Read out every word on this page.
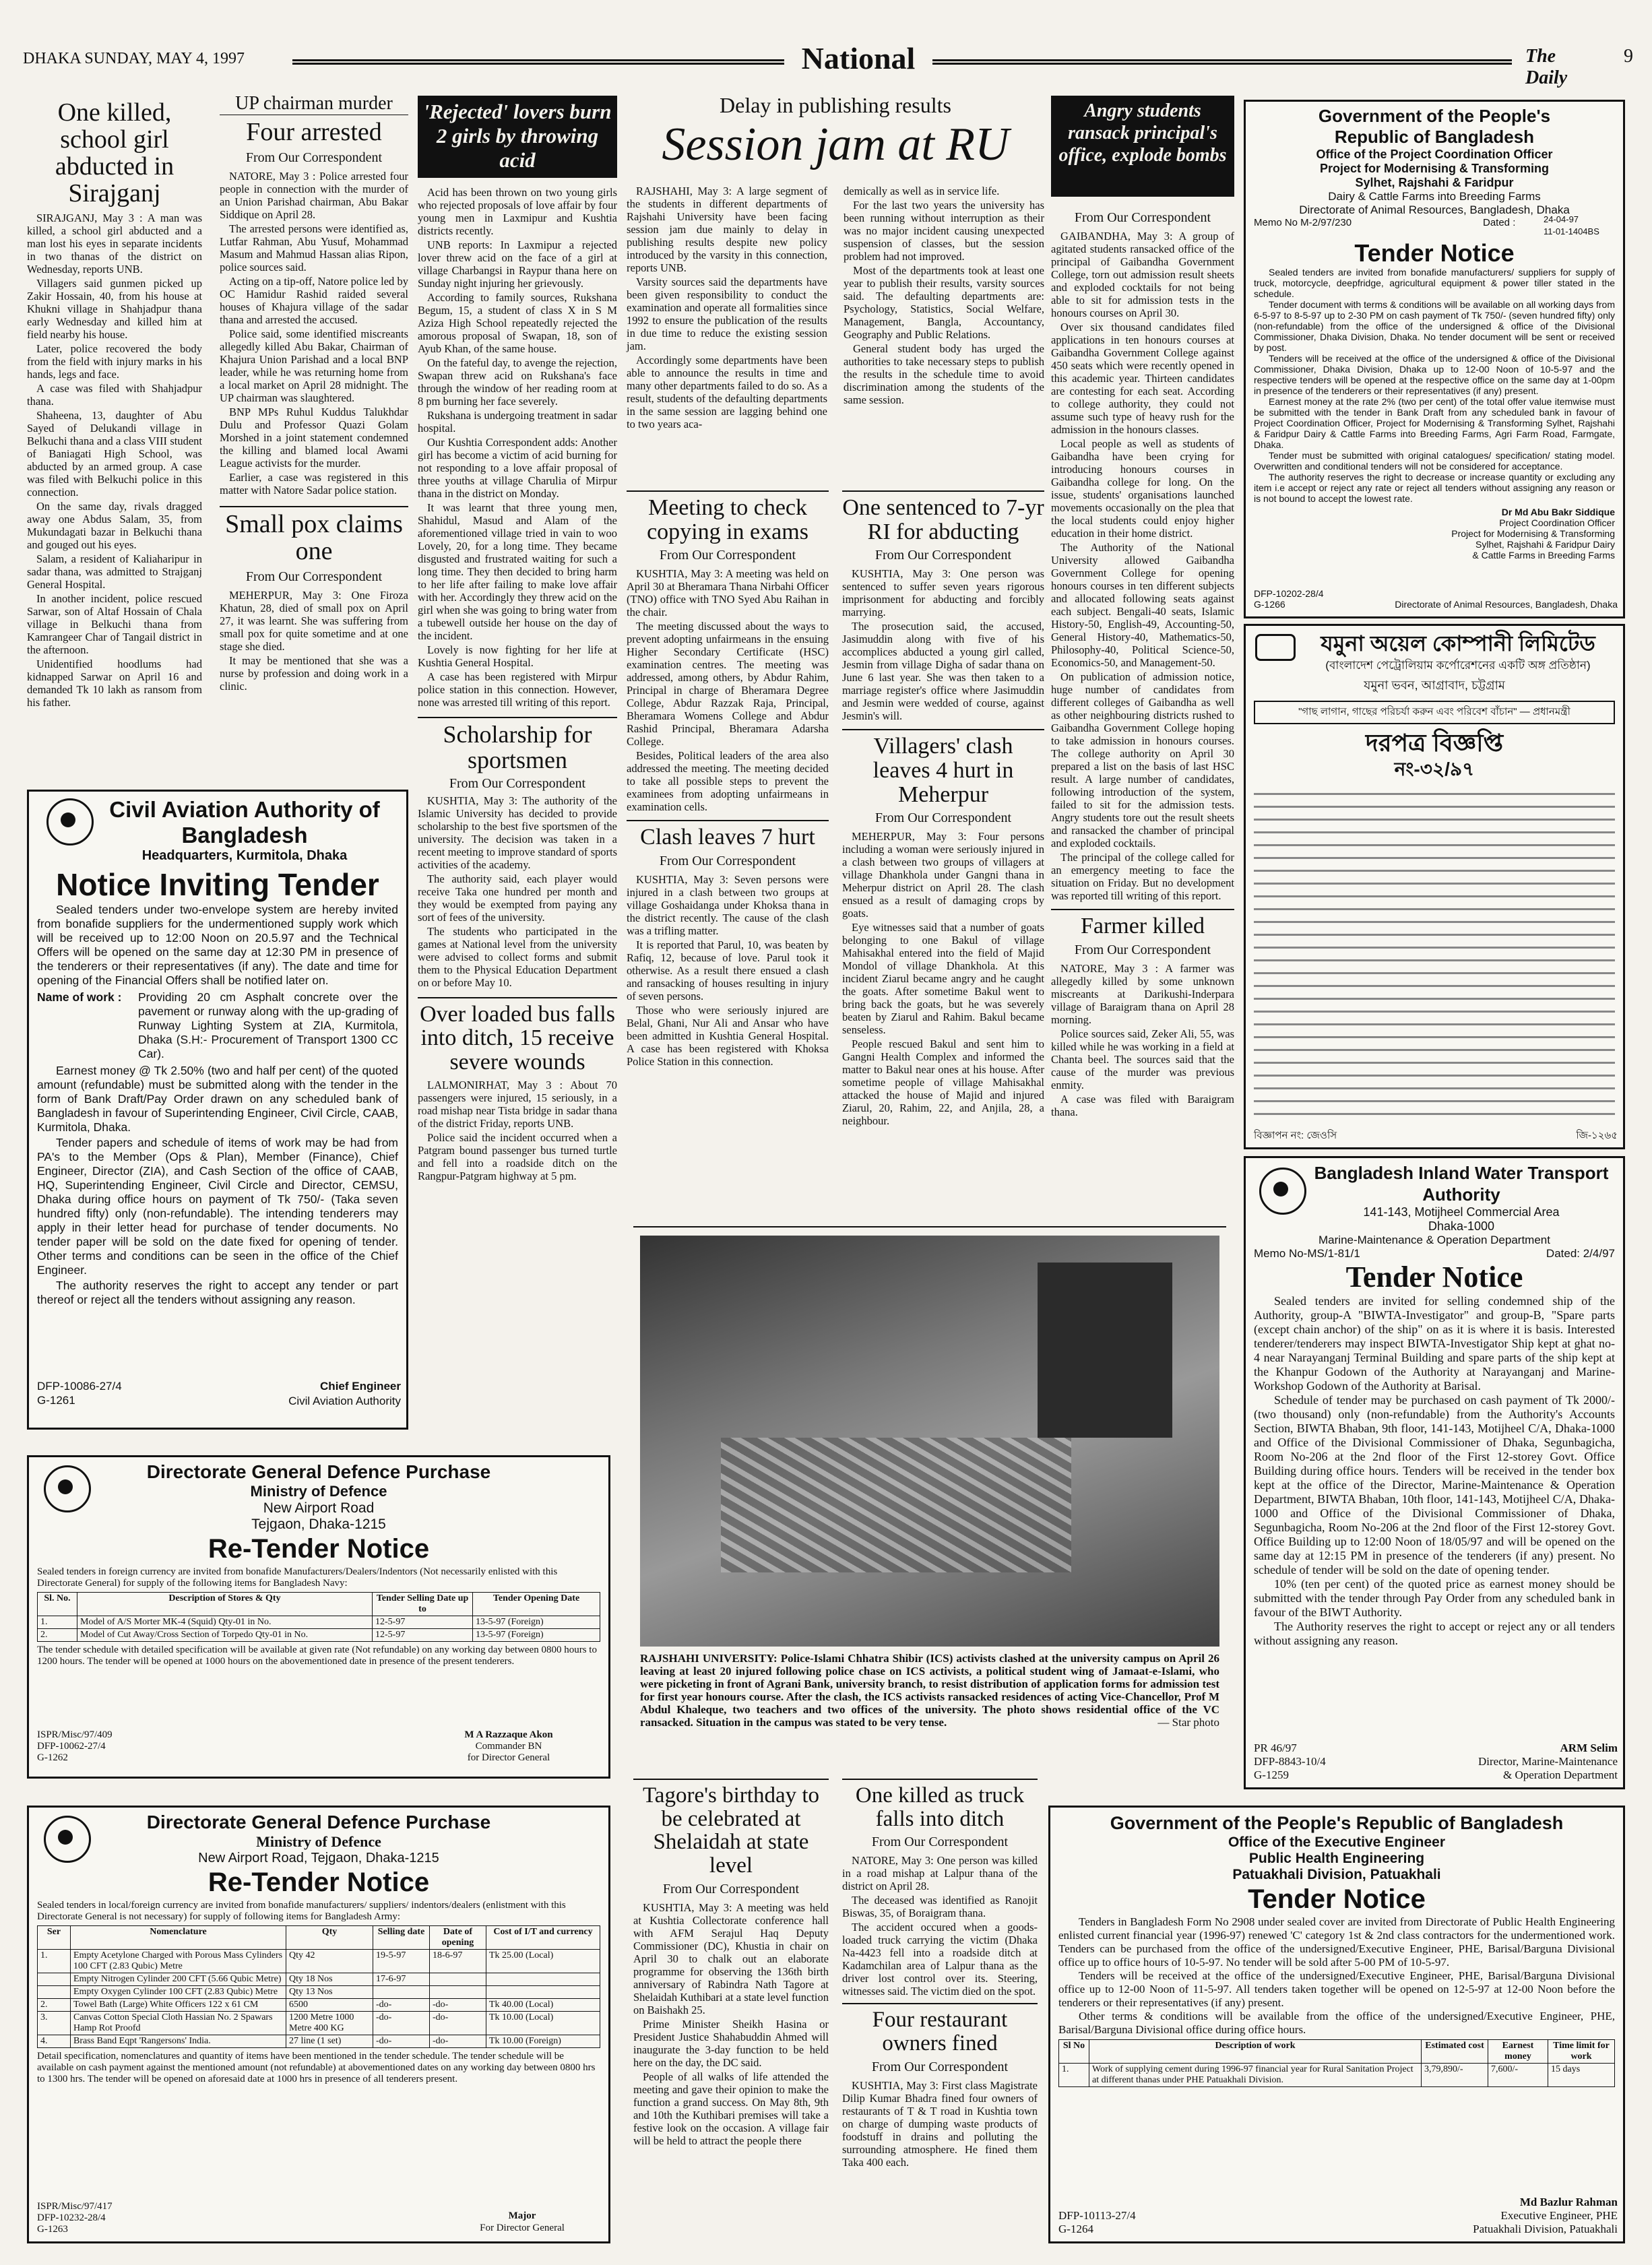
DHAKA SUNDAY, MAY 4, 1997	National	The Daily
9
One killed, school girl abducted in Sirajganj

SIRAJGANJ, May 3 : A man was killed, a school girl abducted and a man lost his eyes in separate incidents in two thanas of the district on Wednesday, reports UNB.

Villagers said gunmen picked up Zakir Hossain, 40, from his house at Khukni village in Shahjadpur thana early Wednesday and killed him at field nearby his house.

Later, police recovered the body from the field with injury marks in his hands, legs and face.

A case was filed with Shahjadpur thana.

Shaheena, 13, daughter of Abu Sayed of Delukandi village in Belkuchi thana and a class VIII student of Baniagati High School, was abducted by an armed group. A case was filed with Belkuchi police in this connection.

On the same day, rivals dragged away one Abdus Salam, 35, from Mukundagati bazar in Belkuchi thana and gouged out his eyes.

Salam, a resident of Kaliaharipur in sadar thana, was admitted to Strajganj General Hospital.

In another incident, police rescued Sarwar, son of Altaf Hossain of Chala village in Belkuchi thana from Kamrangeer Char of Tangail district in the afternoon.

Unidentified hoodlums had kidnapped Sarwar on April 16 and demanded Tk 10 lakh as ransom from his father.

UP chairman murder
Four arrested
From Our Correspondent

NATORE, May 3 : Police arrested four people in connection with the murder of an Union Parishad chairman, Abu Bakar Siddique on April 28.

The arrested persons were identified as, Lutfar Rahman, Abu Yusuf, Mohammad Masum and Mahmud Hassan alias Ripon, police sources said.

Acting on a tip-off, Natore police led by OC Hamidur Rashid raided several houses of Khajura village of the sadar thana and arrested the accused.

Police said, some identified miscreants allegedly killed Abu Bakar, Chairman of Khajura Union Parishad and a local BNP leader, while he was returning home from a local market on April 28 midnight. The UP chairman was slaughtered.

BNP MPs Ruhul Kuddus Talukhdar Dulu and Professor Quazi Golam Morshed in a joint statement condemned the killing and blamed local Awami League activists for the murder.

Earlier, a case was registered in this matter with Natore Sadar police station.

Small pox claims one
From Our Correspondent

MEHERPUR, May 3: One Firoza Khatun, 28, died of small pox on April 27, it was learnt. She was suffering from small pox for quite sometime and at one stage she died.

It may be mentioned that she was a nurse by profession and doing work in a clinic.

'Rejected' lovers burn 2 girls by throwing acid

Acid has been thrown on two young girls who rejected proposals of love affair by four young men in Laxmipur and Kushtia districts recently.

UNB reports: In Laxmipur a rejected lover threw acid on the face of a girl at village Charbangsi in Raypur thana here on Sunday night injuring her grievously.

According to family sources, Rukshana Begum, 15, a student of class X in S M Aziza High School repeatedly rejected the amorous proposal of Swapan, 18, son of Ayub Khan, of the same house.

On the fateful day, to avenge the rejection, Swapan threw acid on Rukshana's face through the window of her reading room at 8 pm burning her face severely.

Rukshana is undergoing treatment in sadar hospital.

Our Kushtia Correspondent adds: Another girl has become a victim of acid burning for not responding to a love affair proposal of three youths at village Charulia of Mirpur thana in the district on Monday.

It was learnt that three young men, Shahidul, Masud and Alam of the aforementioned village tried in vain to woo Lovely, 20, for a long time. They became disgusted and frustrated waiting for such a long time. They then decided to bring harm to her life after failing to make love affair with her. Accordingly they threw acid on the girl when she was going to bring water from a tubewell outside her house on the day of the incident.

Lovely is now fighting for her life at Kushtia General Hospital.

A case has been registered with Mirpur police station in this connection. However, none was arrested till writing of this report.

Scholarship for sportsmen
From Our Correspondent

KUSHTIA, May 3: The authority of the Islamic University has decided to provide scholarship to the best five sportsmen of the university. The decision was taken in a recent meeting to improve standard of sports activities of the academy.

The authority said, each player would receive Taka one hundred per month and they would be exempted from paying any sort of fees of the university.

The students who participated in the games at National level from the university were advised to collect forms and submit them to the Physical Education Department on or before May 10.

Over loaded bus falls into ditch, 15 receive severe wounds

LALMONIRHAT, May 3 : About 70 passengers were injured, 15 seriously, in a road mishap near Tista bridge in sadar thana of the district Friday, reports UNB.

Police said the incident occurred when a Patgram bound passenger bus turned turtle and fell into a roadside ditch on the Rangpur-Patgram highway at 5 pm.

Delay in publishing results
Session jam at RU

RAJSHAHI, May 3: A large segment of the students in different departments of Rajshahi University have been facing session jam due mainly to delay in publishing results despite new policy introduced by the varsity in this connection, reports UNB.

Varsity sources said the departments have been given responsibility to conduct the examination and operate all formalities since 1992 to ensure the publication of the results in due time to reduce the existing session jam.

Accordingly some departments have been able to announce the results in time and many other departments failed to do so. As a result, students of the defaulting departments in the same session are lagging behind one to two years aca-

demically as well as in service life.

For the last two years the university has been running without interruption as their was no major incident causing unexpected suspension of classes, but the session problem had not improved.

Most of the departments took at least one year to publish their results, varsity sources said. The defaulting departments are: Psychology, Statistics, Social Welfare, Management, Bangla, Accountancy, Geography and Public Relations.

General student body has urged the authorities to take necessary steps to publish the results in the schedule time to avoid discrimination among the students of the same session.

Meeting to check copying in exams
From Our Correspondent

KUSHTIA, May 3: A meeting was held on April 30 at Bheramara Thana Nirbahi Officer (TNO) office with TNO Syed Abu Raihan in the chair.

The meeting discussed about the ways to prevent adopting unfairmeans in the ensuing Higher Secondary Certificate (HSC) examination centres. The meeting was addressed, among others, by Abdur Rahim, Principal in charge of Bheramara Degree College, Abdur Razzak Raja, Principal, Bheramara Womens College and Abdur Rashid Principal, Bheramara Adarsha College.

Besides, Political leaders of the area also addressed the meeting. The meeting decided to take all possible steps to prevent the examinees from adopting unfairmeans in examination cells.

Clash leaves 7 hurt
From Our Correspondent

KUSHTIA, May 3: Seven persons were injured in a clash between two groups at village Goshaidanga under Khoksa thana in the district recently. The cause of the clash was a trifling matter.

It is reported that Parul, 10, was beaten by Rafiq, 12, because of love. Parul took it otherwise. As a result there ensued a clash and ransacking of houses resulting in injury of seven persons.

Those who were seriously injured are Belal, Ghani, Nur Ali and Ansar who have been admitted in Kushtia General Hospital. A case has been registered with Khoksa Police Station in this connection.

One sentenced to 7-yr RI for abducting
From Our Correspondent

KUSHTIA, May 3: One person was sentenced to suffer seven years rigorous imprisonment for abducting and forcibly marrying.

The prosecution said, the accused, Jasimuddin along with five of his accomplices abducted a young girl called, Jesmin from village Digha of sadar thana on June 6 last year. She was then taken to a marriage register's office where Jasimuddin and Jesmin were wedded of course, against Jesmin's will.

Villagers' clash leaves 4 hurt in Meherpur
From Our Correspondent

MEHERPUR, May 3: Four persons including a woman were seriously injured in a clash between two groups of villagers at village Dhankhola under Gangni thana in Meherpur district on April 28. The clash ensued as a result of damaging crops by goats.

Eye witnesses said that a number of goats belonging to one Bakul of village Mahisakhal entered into the field of Majid Mondol of village Dhankhola. At this incident Ziarul became angry and he caught the goats. After sometime Bakul went to bring back the goats, but he was severely beaten by Ziarul and Rahim. Bakul became senseless.

People rescued Bakul and sent him to Gangni Health Complex and informed the matter to Bakul near ones at his house. After sometime people of village Mahisakhal attacked the house of Majid and injured Ziarul, 20, Rahim, 22, and Anjila, 28, a neighbour.

Angry students ransack principal's office, explode bombs
From Our Correspondent

GAIBANDHA, May 3: A group of agitated students ransacked office of the principal of Gaibandha Government College, torn out admission result sheets and exploded cocktails for not being able to sit for admission tests in the honours courses on April 30.

Over six thousand candidates filed applications in ten honours courses at Gaibandha Government College against 450 seats which were recently opened in this academic year. Thirteen candidates are contesting for each seat. According to college authority, they could not assume such type of heavy rush for the admission in the honours classes.

Local people as well as students of Gaibandha have been crying for introducing honours courses in Gaibandha college for long. On the issue, students' organisations launched movements occasionally on the plea that the local students could enjoy higher education in their home district.

The Authority of the National University allowed Gaibandha Government College for opening honours courses in ten different subjects and allocated following seats against each subject. Bengali-40 seats, Islamic History-50, English-49, Accounting-50, General History-40, Mathematics-50, Philosophy-40, Political Science-50, Economics-50, and Management-50.

On publication of admission notice, huge number of candidates from different colleges of Gaibandha as well as other neighbouring districts rushed to Gaibandha Government College hoping to take admission in honours courses. The college authority on April 30 prepared a list on the basis of last HSC result. A large number of candidates, following introduction of the system, failed to sit for the admission tests. Angry students tore out the result sheets and ransacked the chamber of principal and exploded cocktails.

The principal of the college called for an emergency meeting to face the situation on Friday. But no development was reported till writing of this report.

Farmer killed
From Our Correspondent

NATORE, May 3 : A farmer was allegedly killed by some unknown miscreants at Darikushi-Inderpara village of Baraigram thana on April 28 morning.

Police sources said, Zeker Ali, 55, was killed while he was working in a field at Chanta beel. The sources said that the cause of the murder was previous enmity.

A case was filed with Baraigram thana.

RAJSHAHI UNIVERSITY: Police-Islami Chhatra Shibir (ICS) activists clashed at the university campus on April 26 leaving at least 20 injured following police chase on ICS activists, a political student wing of Jamaat-e-Islami, who were picketing in front of Agrani Bank, university branch, to resist distribution of application forms for admission test for first year honours course. After the clash, the ICS activists ransacked residences of acting Vice-Chancellor, Prof M Abdul Khaleque, two teachers and two offices of the university. The photo shows residential office of the VC ransacked. Situation in the campus was stated to be very tense.	— Star photo
Tagore's birthday to be celebrated at Shelaidah at state level
From Our Correspondent

KUSHTIA, May 3: A meeting was held at Kushtia Collectorate conference hall with AFM Serajul Haq Deputy Commissioner (DC), Khustia in chair on April 30 to chalk out an elaborate programme for observing the 136th birth anniversary of Rabindra Nath Tagore at Shelaidah Kuthibari at a state level function on Baishakh 25.

Prime Minister Sheikh Hasina or President Justice Shahabuddin Ahmed will inaugurate the 3-day function to be held here on the day, the DC said.

People of all walks of life attended the meeting and gave their opinion to make the function a grand success. On May 8th, 9th and 10th the Kuthibari premises will take a festive look on the occasion. A village fair will be held to attract the people there

One killed as truck falls into ditch
From Our Correspondent

NATORE, May 3: One person was killed in a road mishap at Lalpur thana of the district on April 28.

The deceased was identified as Ranojit Biswas, 35, of Boraigram thana.

The accident occured when a goods-loaded truck carrying the victim (Dhaka Na-4423 fell into a roadside ditch at Kadamchilan area of Lalpur thana as the driver lost control over its. Steering, witnesses said. The victim died on the spot.

Four restaurant owners fined
From Our Correspondent

KUSHTIA, May 3: First class Magistrate Dilip Kumar Bhadra fined four owners of restaurants of T & T road in Kushtia town on charge of dumping waste products of foodstuff in drains and polluting the surrounding atmosphere. He fined them Taka 400 each.

Civil Aviation Authority of Bangladesh
Headquarters, Kurmitola, Dhaka
Notice Inviting Tender

Sealed tenders under two-envelope system are hereby invited from bonafide suppliers for the undermentioned supply work which will be received up to 12:00 Noon on 20.5.97 and the Technical Offers will be opened on the same day at 12:30 PM in presence of the tenderers or their representatives (if any). The date and time for opening of the Financial Offers shall be notified later on.

Name of work :	Providing 20 cm Asphalt concrete over the pavement or runway along with the up-grading of Runway Lighting System at ZIA, Kurmitola, Dhaka (S.H:- Procurement of Transport 1300 CC Car).

Earnest money @ Tk 2.50% (two and half per cent) of the quoted amount (refundable) must be submitted along with the tender in the form of Bank Draft/Pay Order drawn on any scheduled bank of Bangladesh in favour of Superintending Engineer, Civil Circle, CAAB, Kurmitola, Dhaka.

Tender papers and schedule of items of work may be had from PA's to the Member (Ops & Plan), Member (Finance), Chief Engineer, Director (ZIA), and Cash Section of the office of CAAB, HQ, Superintending Engineer, Civil Circle and Director, CEMSU, Dhaka during office hours on payment of Tk 750/- (Taka seven hundred fifty) only (non-refundable). The intending tenderers may apply in their letter head for purchase of tender documents. No tender paper will be sold on the date fixed for opening of tender. Other terms and conditions can be seen in the office of the Chief Engineer.

The authority reserves the right to accept any tender or part thereof or reject all the tenders without assigning any reason.

DFP-10086-27/4
G-1261
Chief Engineer
Civil Aviation Authority
Directorate General Defence Purchase
Ministry of Defence
New Airport Road
Tejgaon, Dhaka-1215
Re-Tender Notice
Sealed tenders in foreign currency are invited from bonafide Manufacturers/Dealers/Indentors (Not necessarily enlisted with this Directorate General) for supply of the following items for Bangladesh Navy:
Sl. No.	Description of Stores & Qty	Tender Selling Date up to	Tender Opening Date
1.	Model of A/S Morter MK-4 (Squid) Qty-01 in No.	12-5-97	13-5-97 (Foreign)
2.	Model of Cut Away/Cross Section of Torpedo Qty-01 in No.	12-5-97	13-5-97 (Foreign)
The tender schedule with detailed specification will be available at given rate (Not refundable) on any working day between 0800 hours to 1200 hours. The tender will be opened at 1000 hours on the abovementioned date in presence of the present tenderers.
ISPR/Misc/97/409
DFP-10062-27/4
G-1262
M A Razzaque Akon
Commander BN
for Director General
Directorate General Defence Purchase
Ministry of Defence
New Airport Road, Tejgaon, Dhaka-1215
Re-Tender Notice
Sealed tenders in local/foreign currency are invited from bonafide manufacturers/ suppliers/ indentors/dealers (enlistment with this Directorate General is not necessary) for supply of following items for Bangladesh Army:
Ser	Nomenclature	Qty	Selling date	Date of opening	Cost of I/T and currency
1.	Empty Acetylone Charged with Porous Mass Cylinders 100 CFT (2.83 Qubic) Metre	Qty 42	19-5-97	18-6-97	Tk 25.00 (Local)
	Empty Nitrogen Cylinder 200 CFT (5.66 Qubic Metre)	Qty 18 Nos	17-6-97		
	Empty Oxygen Cylinder 100 CFT (2.83 Qubic) Metre	Qty 13 Nos			
2.	Towel Bath (Large) White Officers 122 x 61 CM	6500	-do-	-do-	Tk 40.00 (Local)
3.	Canvas Cotton Special Cloth Hassian No. 2 Spawars Hamp Rot Proofd	1200 Metre 1000 Metre 400 KG	-do-	-do-	Tk 10.00 (Local)
4.	Brass Band Eqpt 'Rangersons' India.	27 line (1 set)	-do-	-do-	Tk 10.00 (Foreign)
Detail specification, nomenclatures and quantity of items have been mentioned in the tender schedule. The tender schedule will be available on cash payment against the mentioned amount (not refundable) at abovementioned dates on any working day between 0800 hrs to 1300 hrs. The tender will be opened on aforesaid date at 1000 hrs in presence of all tenderers present.
ISPR/Misc/97/417
DFP-10232-28/4
G-1263
Major
For Director General
Government of the People's
Republic of Bangladesh
Office of the Project Coordination Officer
Project for Modernising & Transforming
Sylhet, Rajshahi & Faridpur
Dairy & Cattle Farms into Breeding Farms
Directorate of Animal Resources, Bangladesh, Dhaka
Memo No M-2/97/230	Dated :	24-04-97
11-01-1404BS
Tender Notice

Sealed tenders are invited from bonafide manufacturers/ suppliers for supply of truck, motorcycle, deepfridge, agricultural equipment & power tiller stated in the schedule.

Tender document with terms & conditions will be available on all working days from 6-5-97 to 8-5-97 up to 2-30 PM on cash payment of Tk 750/- (seven hundred fifty) only (non-refundable) from the office of the undersigned & office of the Divisional Commissioner, Dhaka Division, Dhaka. No tender document will be sent or received by post.

Tenders will be received at the office of the undersigned & office of the Divisional Commissioner, Dhaka Division, Dhaka up to 12-00 Noon of 10-5-97 and the respective tenders will be opened at the respective office on the same day at 1-00pm in presence of the tenderers or their representatives (if any) present.

Earnest money at the rate 2% (two per cent) of the total offer value itemwise must be submitted with the tender in Bank Draft from any scheduled bank in favour of Project Coordination Officer, Project for Modernising & Transforming Sylhet, Rajshahi & Faridpur Dairy & Cattle Farms into Breeding Farms, Agri Farm Road, Farmgate, Dhaka.

Tender must be submitted with original catalogues/ specification/ stating model. Overwritten and conditional tenders will not be considered for acceptance.

The authority reserves the right to decrease or increase quantity or excluding any item i.e accept or reject any rate or reject all tenders without assigning any reason or is not bound to accept the lowest rate.

Dr Md Abu Bakr Siddique
Project Coordination Officer
Project for Modernising & Transforming
Sylhet, Rajshahi & Faridpur Dairy
& Cattle Farms in Breeding Farms
DFP-10202-28/4
G-1266	Directorate of Animal Resources, Bangladesh, Dhaka
যমুনা অয়েল কোম্পানী লিমিটেড
(বাংলাদেশ পেট্রোলিয়াম কর্পোরেশনের একটি অঙ্গ প্রতিষ্ঠান)
যমুনা ভবন, আগ্রাবাদ, চট্টগ্রাম
"গাছ লাগান, গাছের পরিচর্যা করুন এবং পরিবেশ বাঁচান" — প্রধানমন্ত্রী
দরপত্র বিজ্ঞপ্তি
নং-৩২/৯৭
বিজ্ঞাপন নং: জেওসি	জি-১২৬৫
Bangladesh Inland Water Transport Authority
141-143, Motijheel Commercial Area
Dhaka-1000
Marine-Maintenance & Operation Department
Memo No-MS/1-81/1	Dated: 2/4/97
Tender Notice

Sealed tenders are invited for selling condemned ship of the Authority, group-A "BIWTA-Investigator" and group-B, "Spare parts (except chain anchor) of the ship" on as it is where it is basis. Interested tenderer/tenderers may inspect BIWTA-Investigator Ship kept at ghat no-4 near Narayanganj Terminal Building and spare parts of the ship kept at the Khanpur Godown of the Authority at Narayanganj and Marine-Workshop Godown of the Authority at Barisal.

Schedule of tender may be purchased on cash payment of Tk 2000/- (two thousand) only (non-refundable) from the Authority's Accounts Section, BIWTA Bhaban, 9th floor, 141-143, Motijheel C/A, Dhaka-1000 and Office of the Divisional Commissioner of Dhaka, Segunbagicha, Room No-206 at the 2nd floor of the First 12-storey Govt. Office Building during office hours. Tenders will be received in the tender box kept at the office of the Director, Marine-Maintenance & Operation Department, BIWTA Bhaban, 10th floor, 141-143, Motijheel C/A, Dhaka-1000 and Office of the Divisional Commissioner of Dhaka, Segunbagicha, Room No-206 at the 2nd floor of the First 12-storey Govt. Office Building up to 12:00 Noon of 18/05/97 and will be opened on the same day at 12:15 PM in presence of the tenderers (if any) present. No schedule of tender will be sold on the date of opening tender.

10% (ten per cent) of the quoted price as earnest money should be submitted with the tender through Pay Order from any scheduled bank in favour of the BIWT Authority.

The Authority reserves the right to accept or reject any or all tenders without assigning any reason.

PR 46/97
DFP-8843-10/4
G-1259
ARM Selim
Director, Marine-Maintenance
& Operation Department
Government of the People's Republic of Bangladesh
Office of the Executive Engineer
Public Health Engineering
Patuakhali Division, Patuakhali
Tender Notice

Tenders in Bangladesh Form No 2908 under sealed cover are invited from Directorate of Public Health Engineering enlisted current financial year (1996-97) renewed 'C' category 1st & 2nd class contractors for the undermentioned work. Tenders can be purchased from the office of the undersigned/Executive Engineer, PHE, Barisal/Barguna Divisional office up to office hours of 10-5-97. No tender will be sold after 5-00 PM of 10-5-97.

Tenders will be received at the office of the undersigned/Executive Engineer, PHE, Barisal/Barguna Divisional office up to 12-00 Noon of 11-5-97. All tenders taken together will be opened on 12-5-97 at 12-00 Noon before the tenderers or their representatives (if any) present.

Other terms & conditions will be available from the office of the undersigned/Executive Engineer, PHE, Barisal/Barguna Divisional office during office hours.

Sl No	Description of work	Estimated cost	Earnest money	Time limit for work
1.	Work of supplying cement during 1996-97 financial year for Rural Sanitation Project at different thanas under PHE Patuakhali Division.	3,79,890/-	7,600/-	15 days
DFP-10113-27/4
G-1264
Md Bazlur Rahman
Executive Engineer, PHE
Patuakhali Division, Patuakhali
